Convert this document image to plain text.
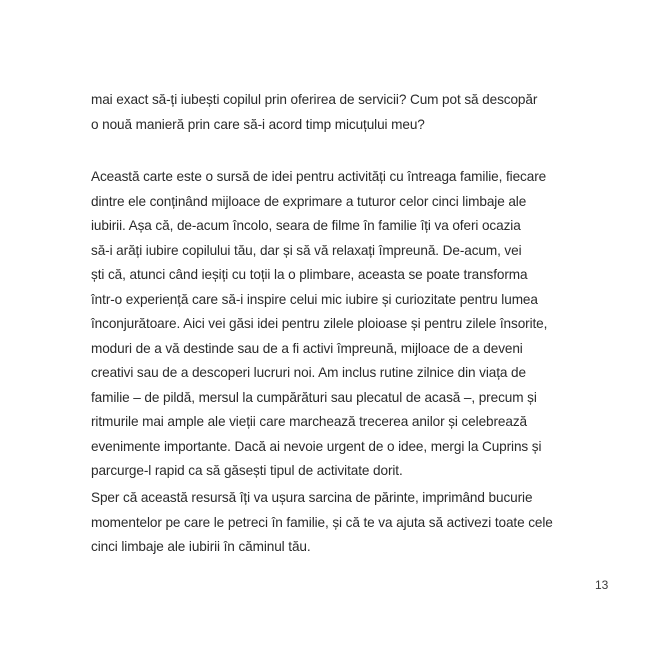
mai exact să-ți iubești copilul prin oferirea de servicii? Cum pot să descopăr
o nouă manieră prin care să-i acord timp micuțului meu?
Această carte este o sursă de idei pentru activități cu întreaga familie, fiecare
dintre ele conținând mijloace de exprimare a tuturor celor cinci limbaje ale
iubirii. Așa că, de-acum încolo, seara de filme în familie îți va oferi ocazia
să-i arăți iubire copilului tău, dar și să vă relaxați împreună. De-acum, vei
ști că, atunci când ieșiți cu toții la o plimbare, aceasta se poate transforma
într-o experiență care să-i inspire celui mic iubire și curiozitate pentru lumea
înconjurătoare. Aici vei găsi idei pentru zilele ploioase și pentru zilele însorite,
moduri de a vă destinde sau de a fi activi împreună, mijloace de a deveni
creativi sau de a descoperi lucruri noi. Am inclus rutine zilnice din viața de
familie – de pildă, mersul la cumpărături sau plecatul de acasă –, precum și
ritmurile mai ample ale vieții care marchează trecerea anilor și celebrează
evenimente importante. Dacă ai nevoie urgent de o idee, mergi la Cuprins și
parcurge-l rapid ca să găsești tipul de activitate dorit.
Sper că această resursă îți va ușura sarcina de părinte, imprimând bucurie
momentelor pe care le petreci în familie, și că te va ajuta să activezi toate cele
cinci limbaje ale iubirii în căminul tău.
13
